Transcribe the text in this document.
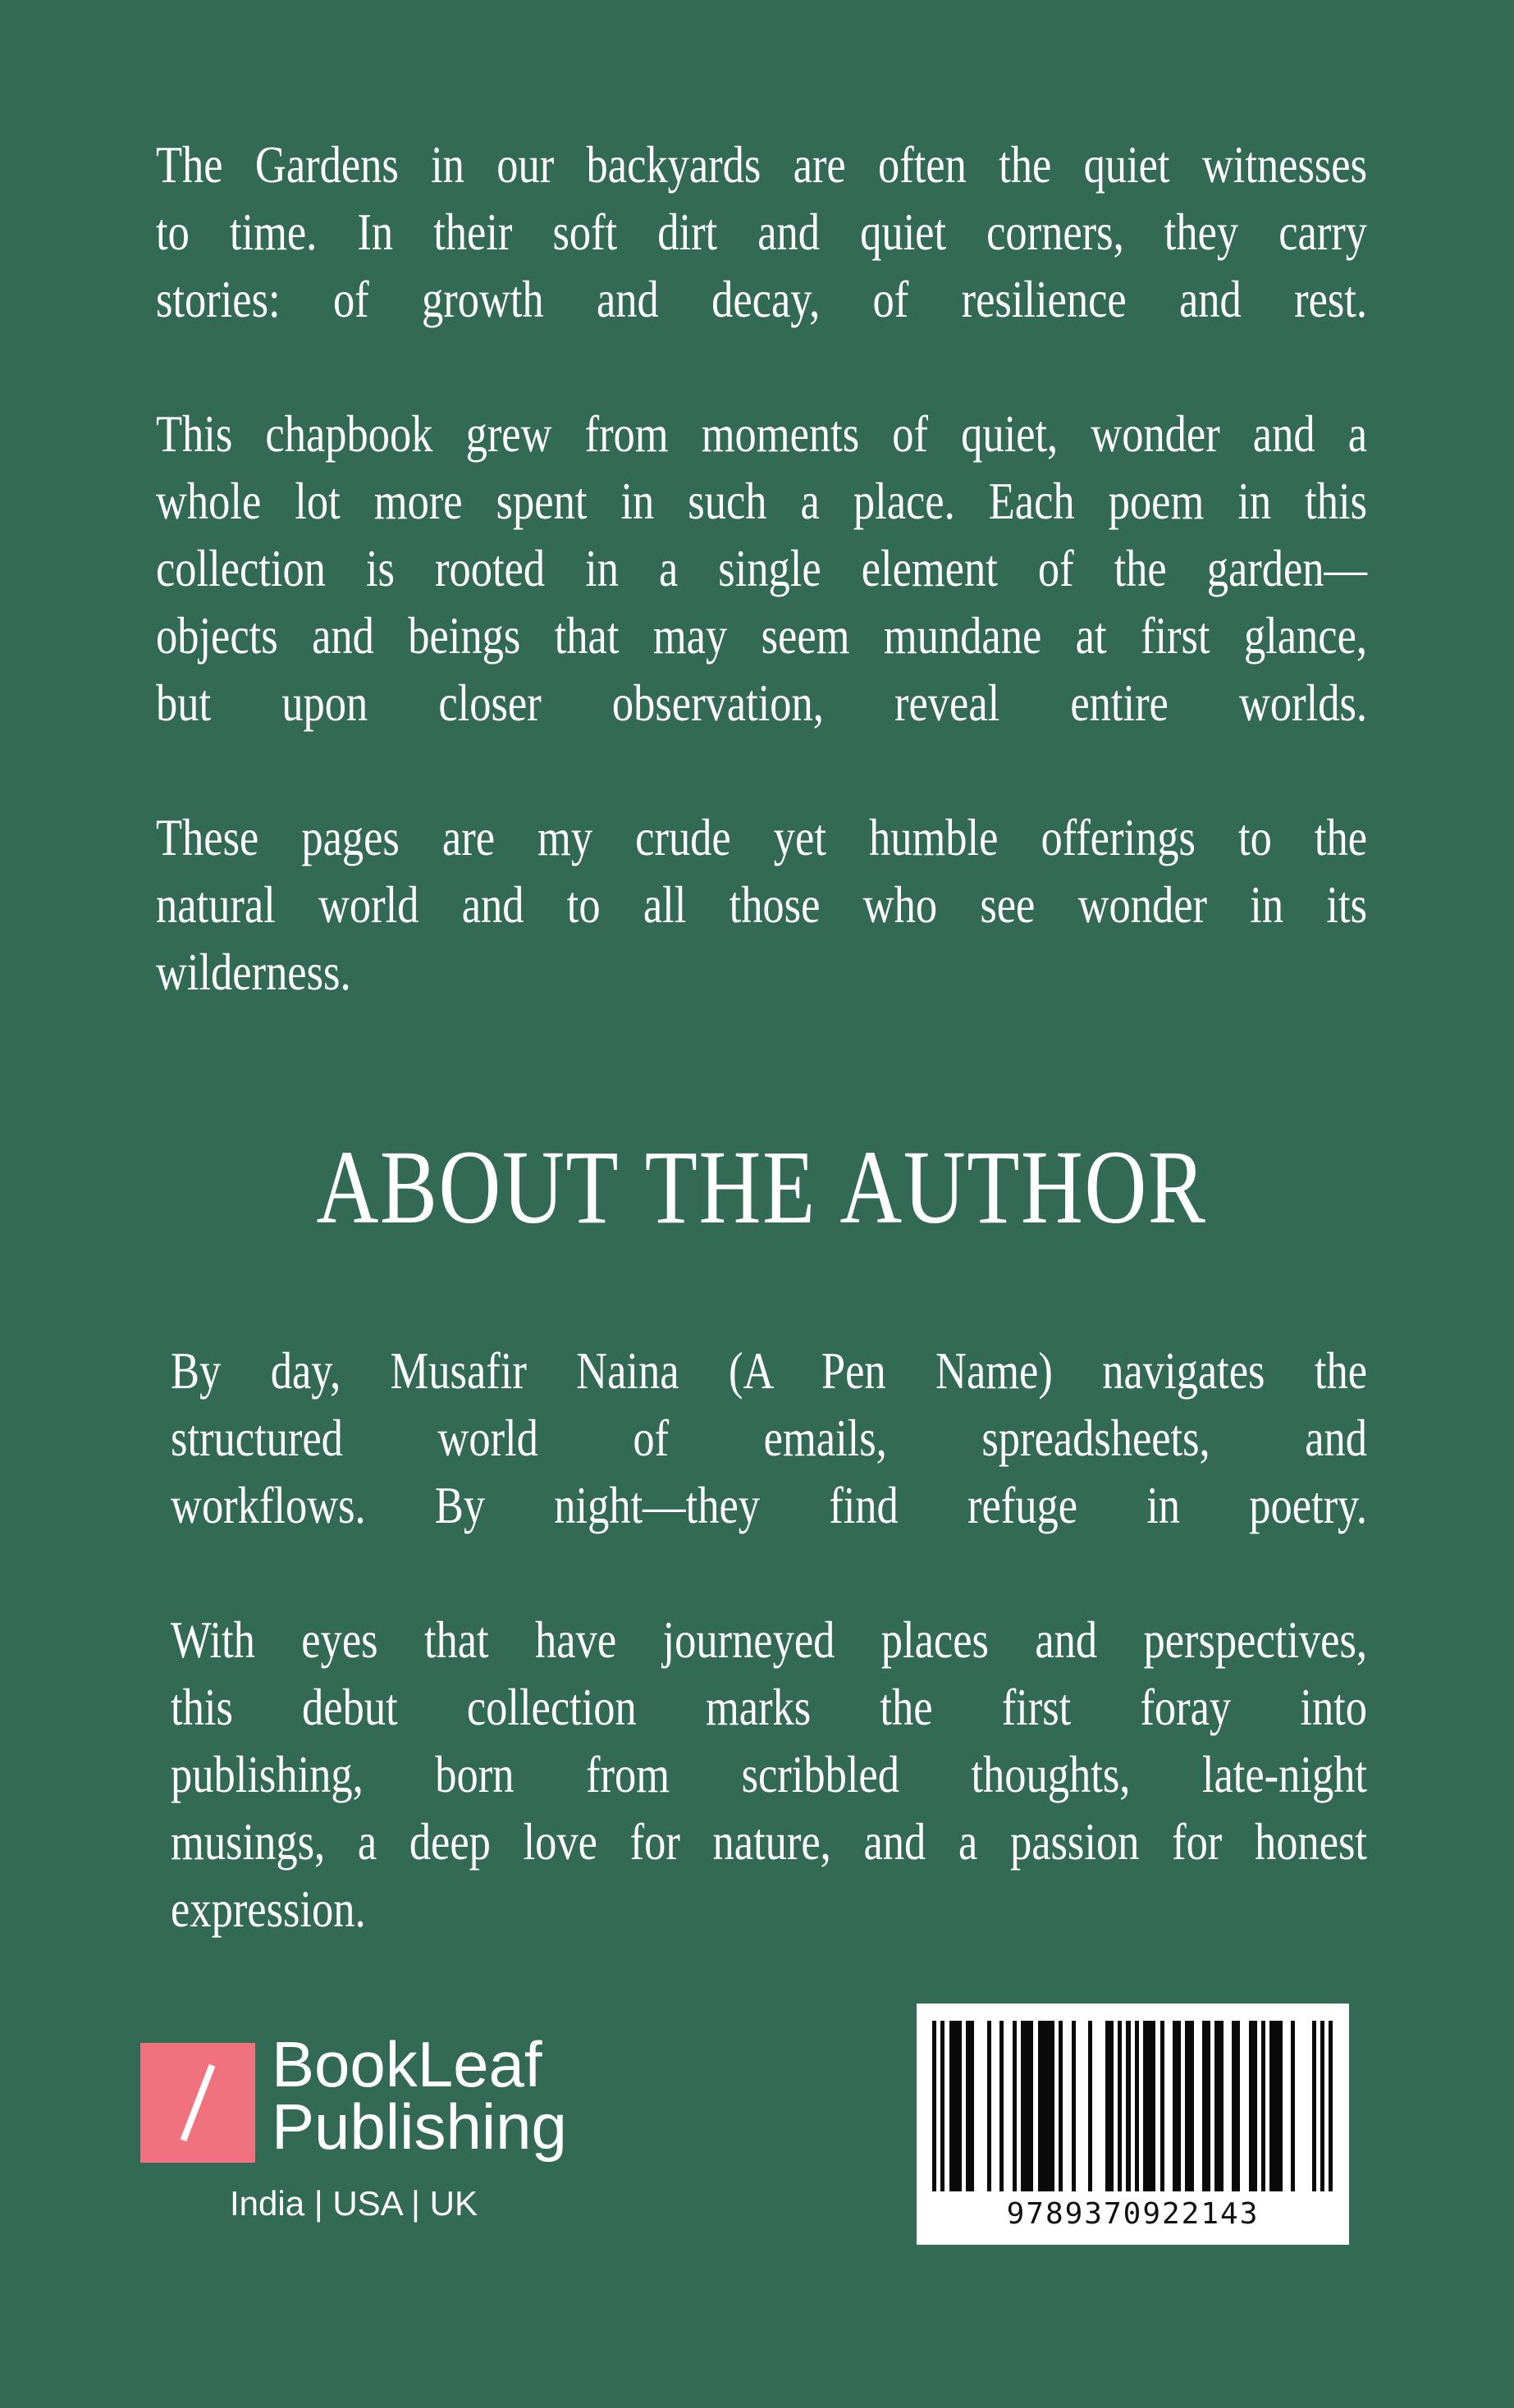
The Gardens in our backyards are often the quiet witnesses
to time. In their soft dirt and quiet corners, they carry
stories: of growth and decay, of resilience and rest.
This chapbook grew from moments of quiet, wonder and a
whole lot more spent in such a place. Each poem in this
collection is rooted in a single element of the garden—
objects and beings that may seem mundane at first glance,
but upon closer observation, reveal entire worlds.
These pages are my crude yet humble offerings to the
natural world and to all those who see wonder in its
wilderness.
ABOUT THE AUTHOR
By day, Musafir Naina (A Pen Name) navigates the
structured world of emails, spreadsheets, and
workflows. By night—they find refuge in poetry.
With eyes that have journeyed places and perspectives,
this debut collection marks the first foray into
publishing, born from scribbled thoughts, late-night
musings, a deep love for nature, and a passion for honest
expression.
BookLeaf
Publishing
India | USA | UK	9789370922143
